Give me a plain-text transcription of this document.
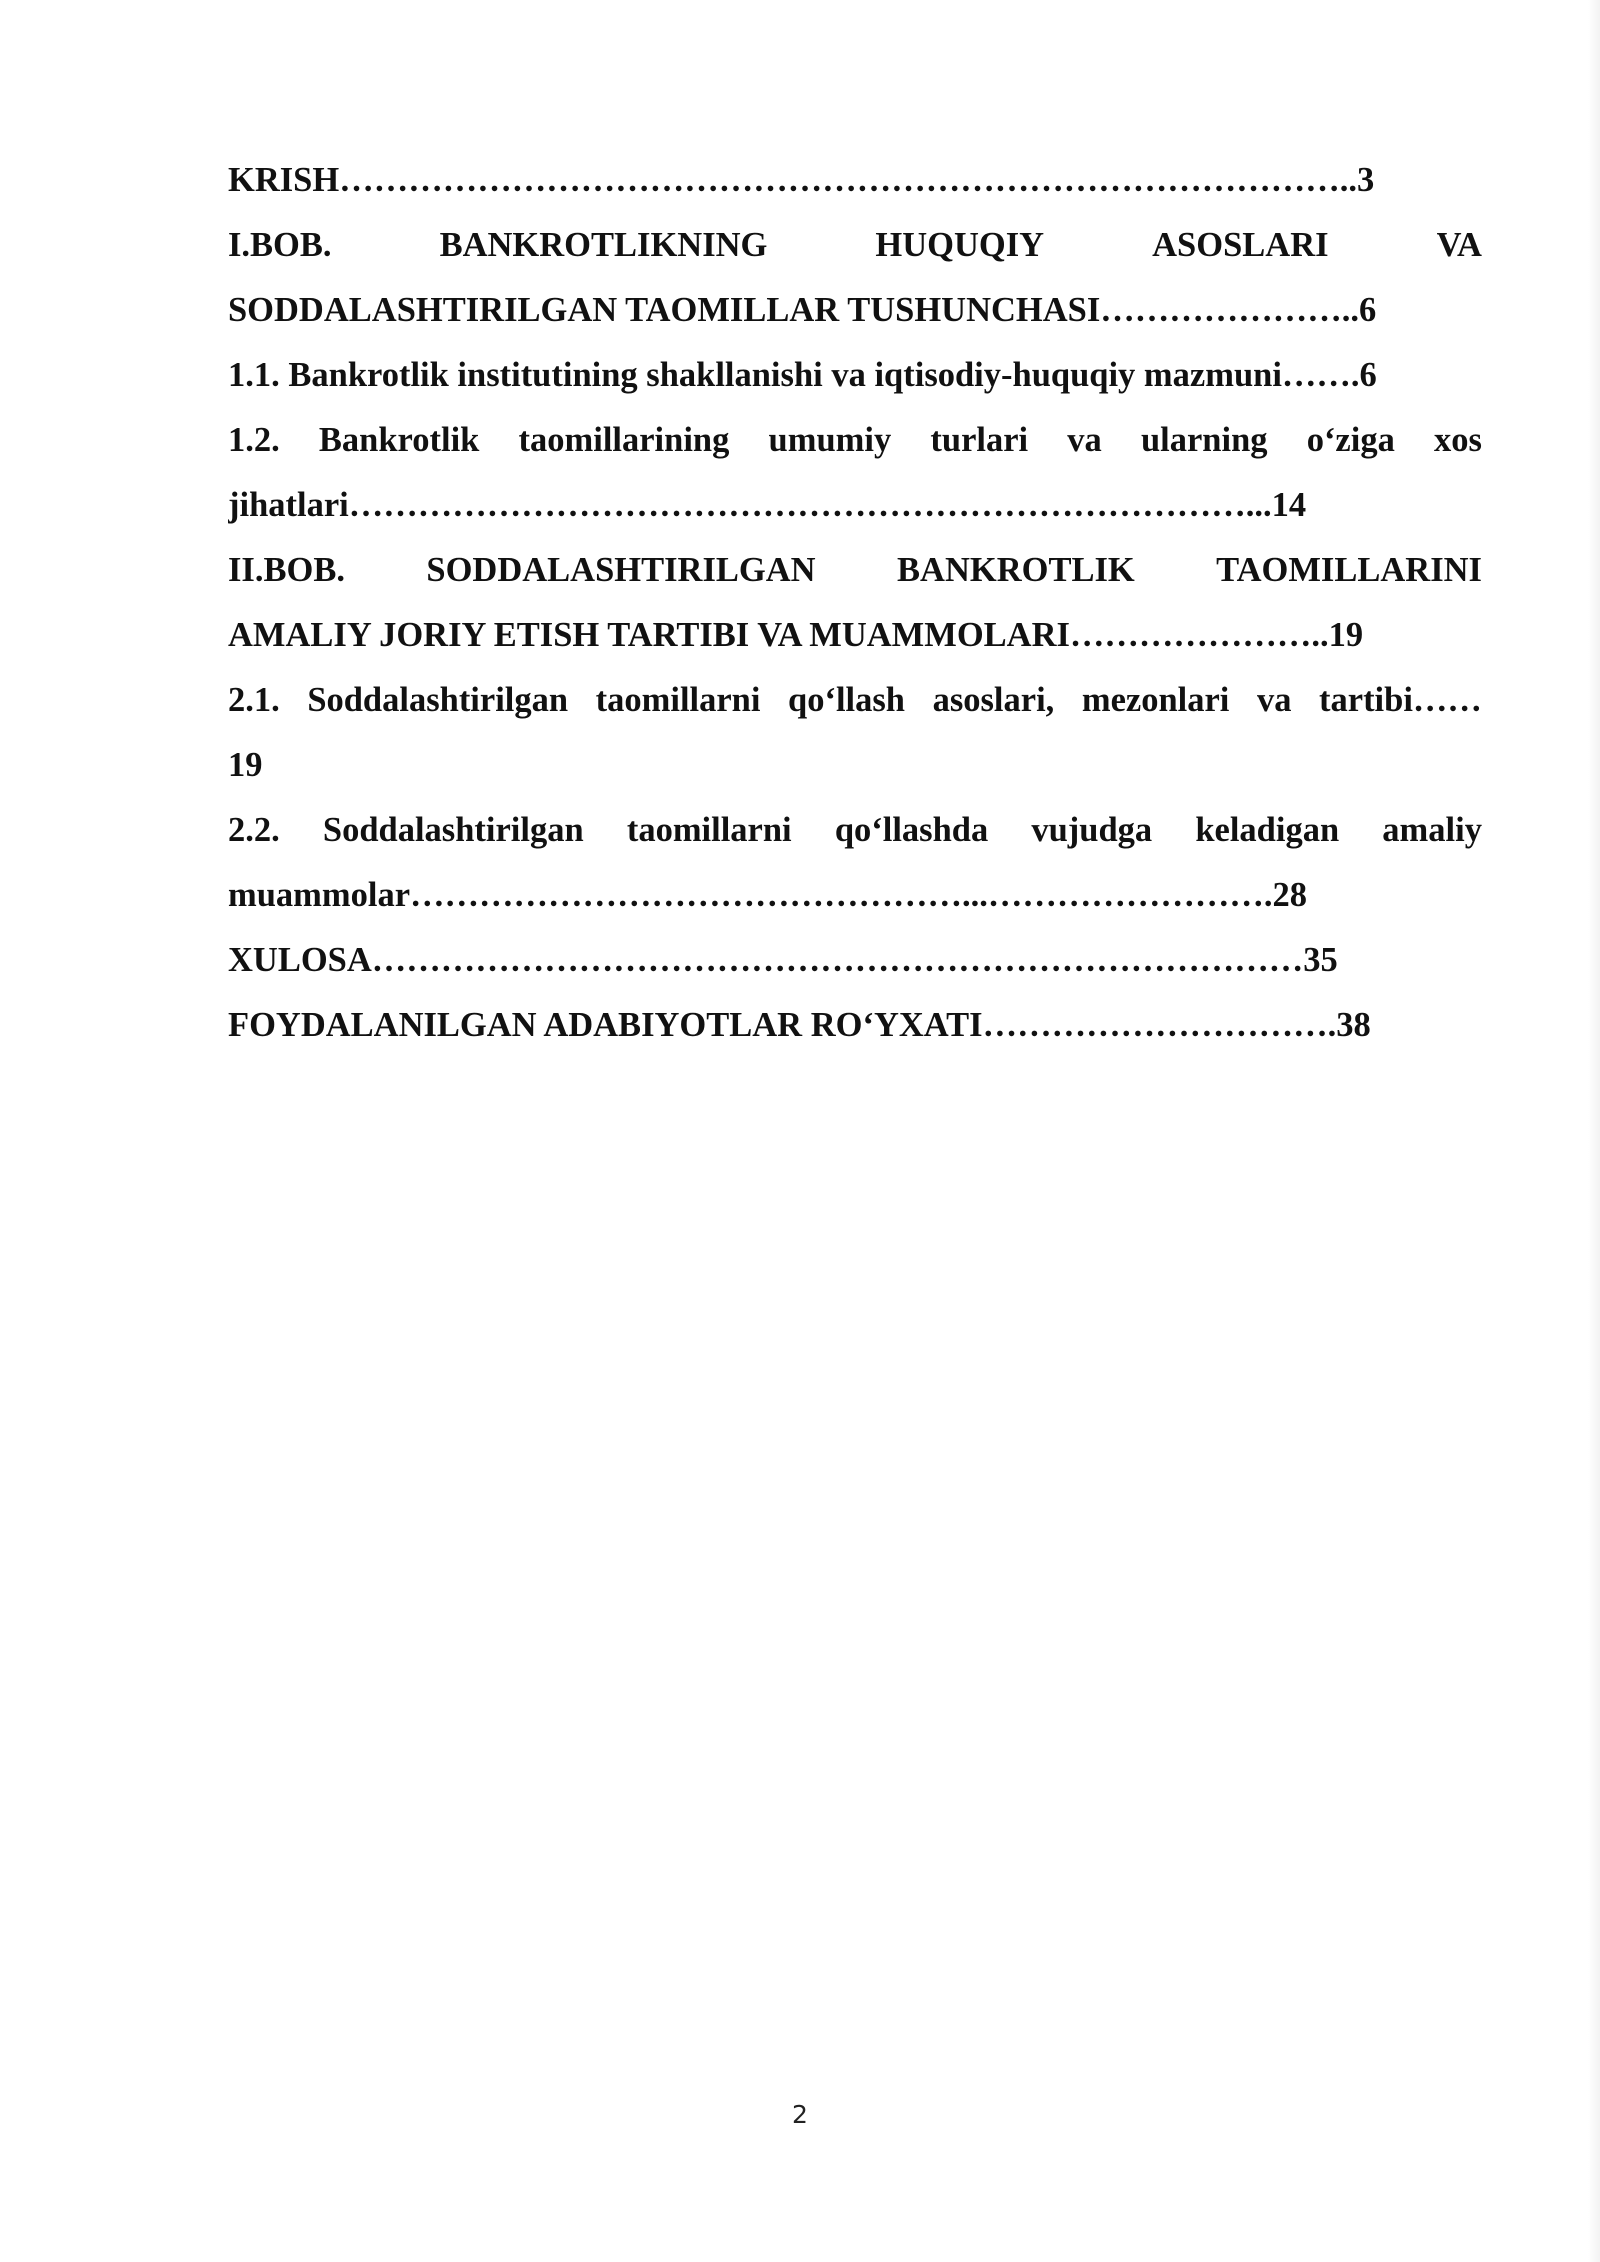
KRISH……………………………………………………………………………..3
I.BOB.	BANKROTLIKNING	HUQUQIY	ASOSLARI	VA
SODDALASHTIRILGAN TAOMILLAR TUSHUNCHASI…………………..6
1.1. Bankrotlik institutining shakllanishi va iqtisodiy-huquqiy mazmuni…….6
1.2. Bankrotlik taomillarining umumiy turlari va ularning o‘ziga xos
jihatlari……………………………………………………………………...14
II.BOB. SODDALASHTIRILGAN BANKROTLIK TAOMILLARINI
AMALIY JORIY ETISH TARTIBI VA MUAMMOLARI…………………..19
2.1. Soddalashtirilgan taomillarni qo‘llash asoslari, mezonlari va tartibi……
19
2.2. Soddalashtirilgan taomillarni qo‘llashda vujudga keladigan amaliy
muammolar…………………………………………...…………………….28
XULOSA………………………………………………………………………35
FOYDALANILGAN ADABIYOTLAR RO‘YXATI………………………….38
2
